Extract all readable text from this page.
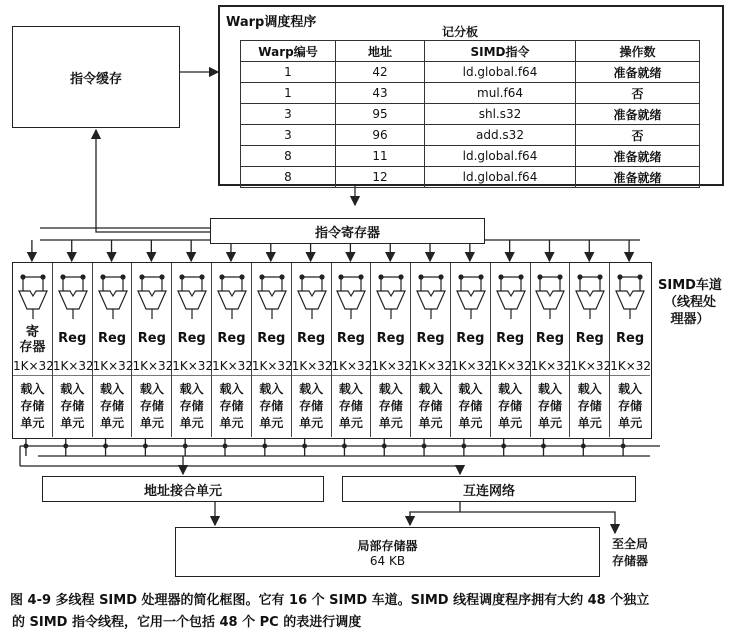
指令缓存
Warp调度程序
记分板
Warp编号	地址	SIMD指令	操作数
1	42	ld.global.f64	准备就绪
1	43	mul.f64	否
3	95	shl.s32	准备就绪
3	96	add.s32	否
8	11	ld.global.f64	准备就绪
8	12	ld.global.f64	准备就绪
指令寄存器
寄
存器
1K×32
载入
存储
单元
Reg
1K×32
载入
存储
单元
Reg
1K×32
载入
存储
单元
Reg
1K×32
载入
存储
单元
Reg
1K×32
载入
存储
单元
Reg
1K×32
载入
存储
单元
Reg
1K×32
载入
存储
单元
Reg
1K×32
载入
存储
单元
Reg
1K×32
载入
存储
单元
Reg
1K×32
载入
存储
单元
Reg
1K×32
载入
存储
单元
Reg
1K×32
载入
存储
单元
Reg
1K×32
载入
存储
单元
Reg
1K×32
载入
存储
单元
Reg
1K×32
载入
存储
单元
Reg
1K×32
载入
存储
单元
SIMD车道
（线程处
理器）
地址接合单元	互连网络
局部存储器
64 KB
至全局
存储器
图 4-9 多线程 SIMD 处理器的简化框图。它有 16 个 SIMD 车道。SIMD 线程调度程序拥有大约 48 个独立
的 SIMD 指令线程，它用一个包括 48 个 PC 的表进行调度
